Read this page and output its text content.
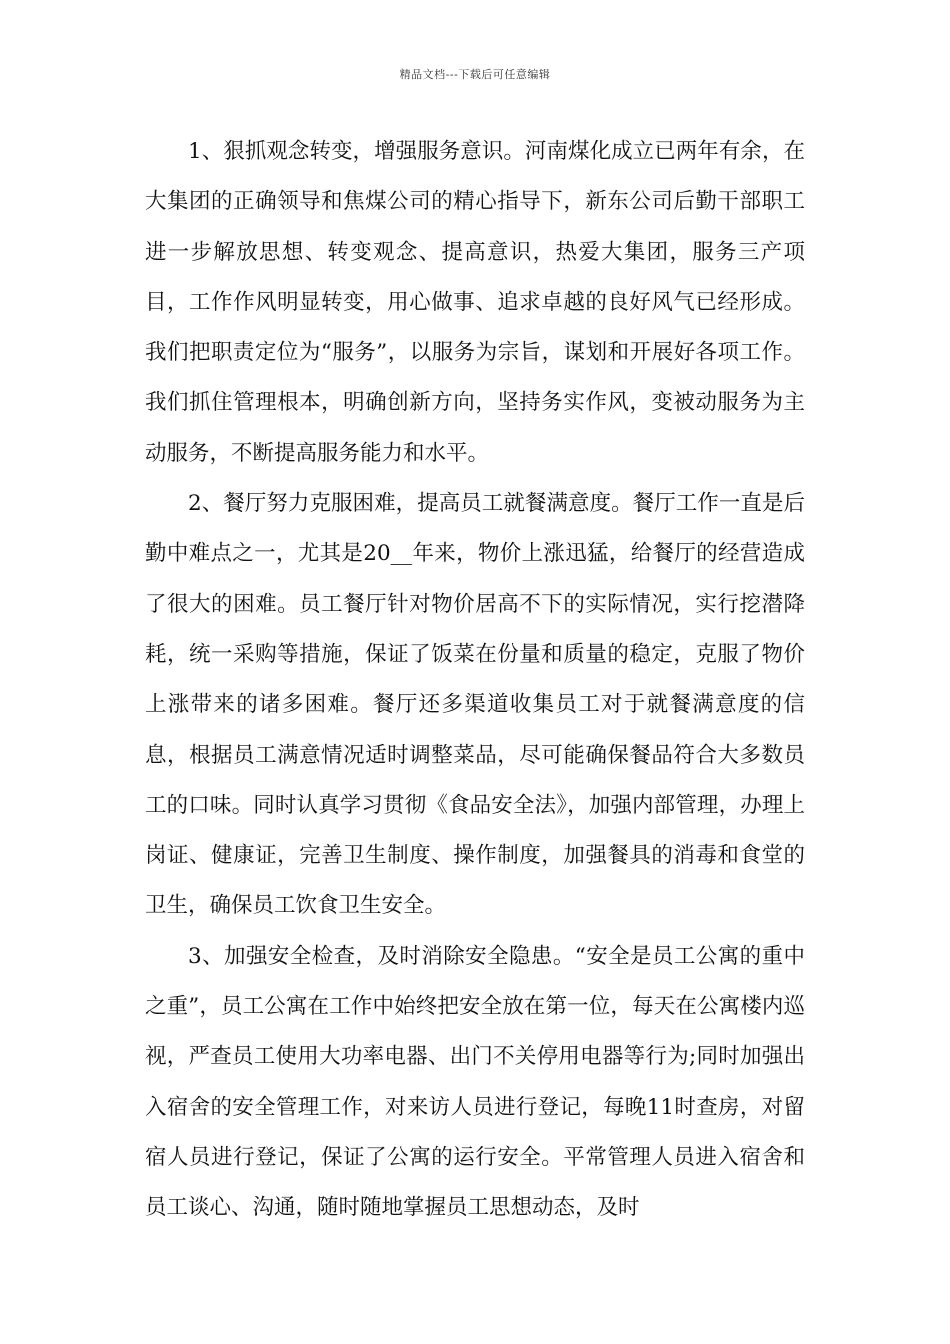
精品文档---下载后可任意编辑

1、狠抓观念转变，增强服务意识。河南煤化成立已两年有余，在大集团的正确领导和焦煤公司的精心指导下，新东公司后勤干部职工进一步解放思想、转变观念、提高意识，热爱大集团，服务三产项目，工作作风明显转变，用心做事、追求卓越的良好风气已经形成。我们把职责定位为“服务”，以服务为宗旨，谋划和开展好各项工作。我们抓住管理根本，明确创新方向，坚持务实作风，变被动服务为主动服务，不断提高服务能力和水平。

2、餐厅努力克服困难，提高员工就餐满意度。餐厅工作一直是后勤中难点之一，尤其是20__年来，物价上涨迅猛，给餐厅的经营造成了很大的困难。员工餐厅针对物价居高不下的实际情况，实行挖潜降耗，统一采购等措施，保证了饭菜在份量和质量的稳定，克服了物价上涨带来的诸多困难。餐厅还多渠道收集员工对于就餐满意度的信息，根据员工满意情况适时调整菜品，尽可能确保餐品符合大多数员工的口味。同时认真学习贯彻《食品安全法》，加强内部管理，办理上岗证、健康证，完善卫生制度、操作制度，加强餐具的消毒和食堂的卫生，确保员工饮食卫生安全。

3、加强安全检查，及时消除安全隐患。“安全是员工公寓的重中之重”，员工公寓在工作中始终把安全放在第一位，每天在公寓楼内巡视，严查员工使用大功率电器、出门不关停用电器等行为;同时加强出入宿舍的安全管理工作，对来访人员进行登记，每晚11时查房，对留宿人员进行登记，保证了公寓的运行安全。平常管理人员进入宿舍和员工谈心、沟通，随时随地掌握员工思想动态，及时
